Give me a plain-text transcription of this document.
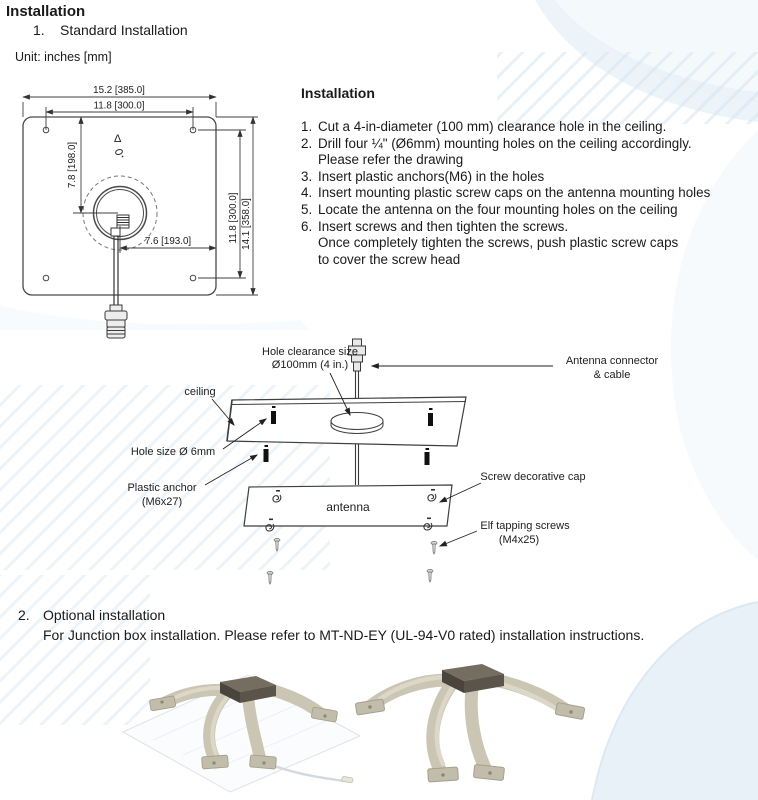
Installation
1. Standard Installation
Unit: inches [mm]
Δ
15.2 [385.0]
11.8 [300.0]
7.8 [198.0]
7.6 [193.0]	11.8 [300.0] 14.1 [358.0]

Installation

1. Cut a 4-in-diameter (100 mm) clearance hole in the ceiling.
2. Drill four ¼" (Ø6mm) mounting holes on the ceiling accordingly.
Please refer the drawing
3. Insert plastic anchors(M6) in the holes
4. Insert mounting plastic screw caps on the antenna mounting holes
5. Locate the antenna on the four mounting holes on the ceiling
6. Insert screws and then tighten the screws.
Once completely tighten the screws, push plastic screw caps
to cover the screw head
antenna
Hole clearance size
Ø100mm (4 in.)	Antenna connector
& cable
ceiling
Hole size Ø 6mm
Plastic anchor
(M6x27)
Screw decorative cap
Elf tapping screws
(M4x25)
2. Optional installation
For Junction box installation. Please refer to MT-ND-EY (UL-94-V0 rated) installation instructions.
